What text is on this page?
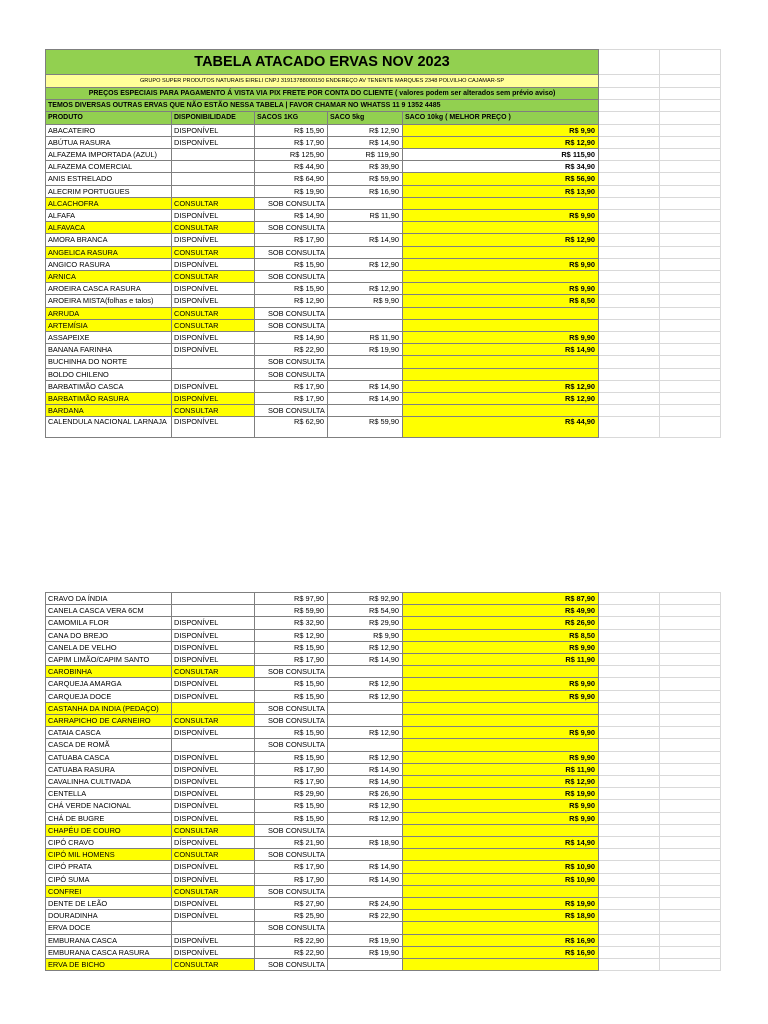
TABELA ATACADO ERVAS NOV 2023						
GRUPO SUPER PRODUTOS NATURAIS EIRELI CNPJ 31913788000150 ENDEREÇO AV TENENTE MARQUES 2348 POLVILHO CAJAMAR-SP						
PREÇOS ESPECIAIS PARA PAGAMENTO Á VISTA VIA PIX FRETE POR CONTA DO CLIENTE ( valores podem ser alterados sem prévio aviso)						
TEMOS DIVERSAS OUTRAS ERVAS QUE NÃO ESTÃO NESSA TABELA | FAVOR CHAMAR NO WHATSS 11 9 1352 4485						
PRODUTO	DISPONIBILIDADE	SACOS 1KG	SACO 5kg	SACO 10kg ( MELHOR PREÇO )		
ABACATEIRO	DISPONÍVEL	R$ 15,90	R$ 12,90	R$ 9,90		
ABÚTUA RASURA	DISPONÍVEL	R$ 17,90	R$ 14,90	R$ 12,90		
ALFAZEMA IMPORTADA (AZUL)		R$ 125,90	R$ 119,90	R$ 115,90		
ALFAZEMA COMERCIAL		R$ 44,90	R$ 39,90	R$ 34,90		
ANIS ESTRELADO		R$ 64,90	R$ 59,90	R$ 56,90		
ALECRIM PORTUGUES		R$ 19,90	R$ 16,90	R$ 13,90		
ALCACHOFRA	CONSULTAR	SOB CONSULTA				
ALFAFA	DISPONÍVEL	R$ 14,90	R$ 11,90	R$ 9,90		
ALFAVACA	CONSULTAR	SOB CONSULTA				
AMORA BRANCA	DISPONÍVEL	R$ 17,90	R$ 14,90	R$ 12,90		
ANGELICA RASURA	CONSULTAR	SOB CONSULTA				
ANGICO RASURA	DISPONÍVEL	R$ 15,90	R$ 12,90	R$ 9,90		
ARNICA	CONSULTAR	SOB CONSULTA				
AROEIRA CASCA RASURA	DISPONÍVEL	R$ 15,90	R$ 12,90	R$ 9,90		
AROEIRA MISTA(folhas e talos)	DISPONÍVEL	R$ 12,90	R$ 9,90	R$ 8,50		
ARRUDA	CONSULTAR	SOB CONSULTA				
ARTEMÍSIA	CONSULTAR	SOB CONSULTA				
ASSAPEIXE	DISPONÍVEL	R$ 14,90	R$ 11,90	R$ 9,90		
BANANA FARINHA	DISPONÍVEL	R$ 22,90	R$ 19,90	R$ 14,90		
BUCHINHA DO NORTE		SOB CONSULTA				
BOLDO CHILENO		SOB CONSULTA				
BARBATIMÃO CASCA	DISPONÍVEL	R$ 17,90	R$ 14,90	R$ 12,90		
BARBATIMÃO RASURA	DISPONÍVEL	R$ 17,90	R$ 14,90	R$ 12,90		
BARDANA	CONSULTAR	SOB CONSULTA				
CALENDULA NACIONAL LARNAJA	DISPONÍVEL	R$ 62,90	R$ 59,90	R$ 44,90		
CRAVO DA ÍNDIA		R$ 97,90	R$ 92,90	R$ 87,90		
CANELA CASCA VERA 6CM		R$ 59,90	R$ 54,90	R$ 49,90		
CAMOMILA FLOR	DISPONÍVEL	R$ 32,90	R$ 29,90	R$ 26,90		
CANA DO BREJO	DISPONÍVEL	R$ 12,90	R$ 9,90	R$ 8,50		
CANELA DE VELHO	DISPONÍVEL	R$ 15,90	R$ 12,90	R$ 9,90		
CAPIM LIMÃO/CAPIM SANTO	DISPONÍVEL	R$ 17,90	R$ 14,90	R$ 11,90		
CAROBINHA	CONSULTAR	SOB CONSULTA				
CARQUEJA AMARGA	DISPONÍVEL	R$ 15,90	R$ 12,90	R$ 9,90		
CARQUEJA DOCE	DISPONÍVEL	R$ 15,90	R$ 12,90	R$ 9,90		
CASTANHA DA INDIA (PEDAÇO)		SOB CONSULTA				
CARRAPICHO DE CARNEIRO	CONSULTAR	SOB CONSULTA				
CATAIA CASCA	DISPONÍVEL	R$ 15,90	R$ 12,90	R$ 9,90		
CASCA DE ROMÃ		SOB CONSULTA				
CATUABA CASCA	DISPONÍVEL	R$ 15,90	R$ 12,90	R$ 9,90		
CATUABA RASURA	DISPONÍVEL	R$ 17,90	R$ 14,90	R$ 11,90		
CAVALINHA CULTIVADA	DISPONÍVEL	R$ 17,90	R$ 14,90	R$ 12,90		
CENTELLA	DISPONÍVEL	R$ 29,90	R$ 26,90	R$ 19,90		
CHÁ VERDE NACIONAL	DISPONÍVEL	R$ 15,90	R$ 12,90	R$ 9,90		
CHÁ DE BUGRE	DISPONÍVEL	R$ 15,90	R$ 12,90	R$ 9,90		
CHAPÉU DE COURO	CONSULTAR	SOB CONSULTA				
CIPÓ CRAVO	DÍSPONÍVEL	R$ 21,90	R$ 18,90	R$ 14,90		
CIPÓ MIL HOMENS	CONSULTAR	SOB CONSULTA				
CIPÓ PRATA	DISPONÍVEL	R$ 17,90	R$ 14,90	R$ 10,90		
CIPÓ SUMA	DISPONÍVEL	R$ 17,90	R$ 14,90	R$ 10,90		
CONFREI	CONSULTAR	SOB CONSULTA				
DENTE DE LEÃO	DISPONÍVEL	R$ 27,90	R$ 24,90	R$ 19,90		
DOURADINHA	DISPONÍVEL	R$ 25,90	R$ 22,90	R$ 18,90		
ERVA DOCE		SOB CONSULTA				
EMBURANA CASCA	DISPONÍVEL	R$ 22,90	R$ 19,90	R$ 16,90		
EMBURANA CASCA RASURA	DISPONÍVEL	R$ 22,90	R$ 19,90	R$ 16,90		
ERVA DE BICHO	CONSULTAR	SOB CONSULTA				
